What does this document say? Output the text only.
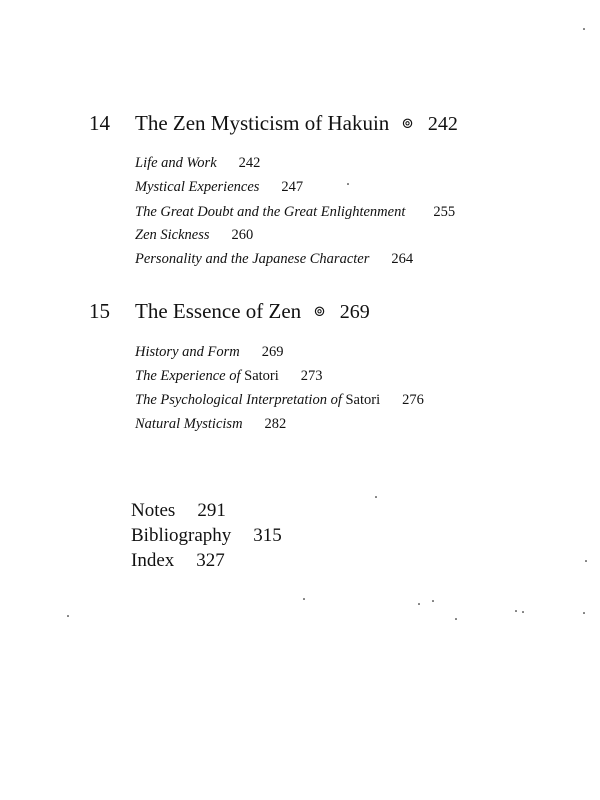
14 The Zen Mysticism of Hakuin ⊚ 242
Life and Work 242
Mystical Experiences 247
The Great Doubt and the Great Enlightenment 255
Zen Sickness 260
Personality and the Japanese Character 264
15 The Essence of Zen ⊚ 269
History and Form 269
The Experience of Satori 273
The Psychological Interpretation of Satori 276
Natural Mysticism 282
Notes 291
Bibliography 315
Index 327
